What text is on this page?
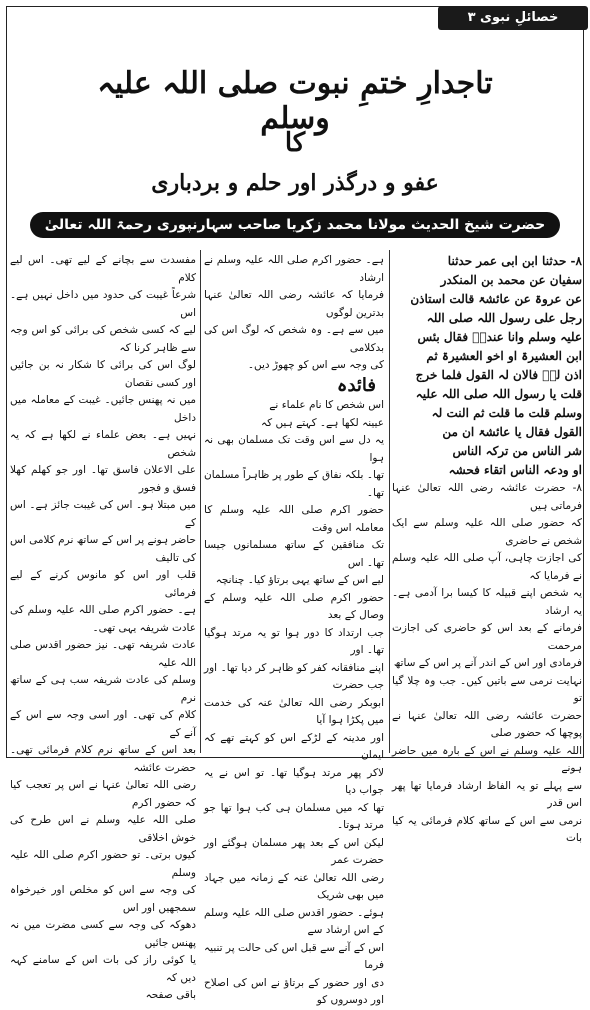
خصائلِ نبوی ۳
تاجدارِ ختمِ نبوت صلی اللہ علیہ وسلم
کا
عفو و درگذر اور حلم و بردباری
حضرت شیخ الحدیث مولانا محمد زکریا صاحب سہارنپوری رحمۃ اللہ تعالیٰ
۸- حدثنا ابن ابی عمر حدثنا
سفیان عن محمد بن المنکدر
عن عروۃ عن عائشۃ قالت استاذن
رجل علی رسول اللہ صلی اللہ
علیہ وسلم وانا عندہٗ فقال بئس
ابن العشیرۃ او اخو العشیرۃ ثم
اذن لہٗ فالان لہ القول فلما خرج
قلت یا رسول اللہ صلی اللہ علیہ
وسلم قلت ما قلت ثم النت لہ
القول فقال یا عائشۃ ان من
شر الناس من ترکہ الناس
او ودعہ الناس اتقاء فحشہ
۸- حضرت عائشہ رضی اللہ تعالیٰ عنہا فرماتی ہیں
کہ حضور صلی اللہ علیہ وسلم سے ایک شخص نے حاضری
کی اجازت چاہی، آپ صلی اللہ علیہ وسلم نے فرمایا کہ
یہ شخص اپنے قبیلہ کا کیسا برا آدمی ہے۔ یہ ارشاد
فرمانے کے بعد اس کو حاضری کی اجازت مرحمت
فرمادی اور اس کے اندر آنے پر اس کے ساتھ
نہایت نرمی سے باتیں کیں۔ جب وہ چلا گیا تو
حضرت عائشہ رضی اللہ تعالیٰ عنہا نے پوچھا کہ حضور صلی
اللہ علیہ وسلم نے اس کے بارہ میں حاضر ہونے
سے پہلے تو یہ الفاظ ارشاد فرمایا تھا پھر اس قدر
نرمی سے اس کے ساتھ کلام فرمائی یہ کیا بات
ہے۔ حضور اکرم صلی اللہ علیہ وسلم نے ارشاد
فرمایا کہ عائشہ رضی اللہ تعالیٰ عنہا بدترین لوگوں
میں سے ہے۔ وہ شخص کہ لوگ اس کی بدکلامی
کی وجہ سے اس کو چھوڑ دیں۔
فائدہ
اس شخص کا نام علماء نے
عیینہ لکھا ہے۔ کہتے ہیں کہ
یہ دل سے اس وقت تک مسلمان بھی نہ ہوا
تھا۔ بلکہ نفاق کے طور پر ظاہراً مسلمان تھا۔
حضور اکرم صلی اللہ علیہ وسلم کا معاملہ اس وقت
تک منافقین کے ساتھ مسلمانوں جیسا تھا۔ اس
لیے اس کے ساتھ یہی برتاؤ کیا۔ چنانچہ
حضور اکرم صلی اللہ علیہ وسلم کے وصال کے بعد
جب ارتداد کا دور ہوا تو یہ مرتد ہوگیا تھا۔ اور
اپنے منافقانہ کفر کو ظاہر کر دیا تھا۔ اور جب حضرت
ابوبکر رضی اللہ تعالیٰ عنہ کی خدمت میں پکڑا ہوا آیا
اور مدینہ کے لڑکے اس کو کہتے تھے کہ ایمان
لاکر پھر مرتد ہوگیا تھا۔ تو اس نے یہ جواب دیا
تھا کہ میں مسلمان ہی کب ہوا تھا جو مرتد ہوتا۔
لیکن اس کے بعد پھر مسلمان ہوگئے اور حضرت عمر
رضی اللہ تعالیٰ عنہ کے زمانہ میں جہاد میں بھی شریک
ہوئے۔ حضور اقدس صلی اللہ علیہ وسلم کے اس ارشاد سے
اس کے آنے سے قبل اس کی حالت پر تنبیہ فرما
دی اور حضور کے برتاؤ نے اس کی اصلاح اور دوسروں کو
مفسدت سے بچانے کے لیے تھی۔ اس لیے کلام
شرعاً غیبت کی حدود میں داخل نہیں ہے۔ اس
لیے کہ کسی شخص کی برائی کو اس وجہ سے ظاہر کرنا کہ
لوگ اس کی برائی کا شکار نہ بن جائیں اور کسی نقصان
میں نہ پھنس جائیں۔ غیبت کے معاملہ میں داخل
نہیں ہے۔ بعض علماء نے لکھا ہے کہ یہ شخص
علی الاعلان فاسق تھا۔ اور جو کھلم کھلا فسق و فجور
میں مبتلا ہو۔ اس کی غیبت جائز ہے۔ اس کے
حاضر ہونے پر اس کے ساتھ نرم کلامی اس کی تالیف
قلب اور اس کو مانوس کرنے کے لیے فرمائی
ہے۔ حضور اکرم صلی اللہ علیہ وسلم کی عادت شریفہ یہی تھی۔
عادت شریفہ تھی۔ نیز حضور اقدس صلی اللہ علیہ
وسلم کی عادت شریفہ سب ہی کے ساتھ نرم
کلام کی تھی۔ اور اسی وجہ سے اس کے آنے کے
بعد اس کے ساتھ نرم کلام فرمائی تھی۔ حضرت عائشہ
رضی اللہ تعالیٰ عنہا نے اس پر تعجب کیا کہ حضور اکرم
صلی اللہ علیہ وسلم نے اس طرح کی خوش اخلاقی
کیوں برتی۔ تو حضور اکرم صلی اللہ علیہ وسلم
کی وجہ سے اس کو مخلص اور خیرخواہ سمجھیں اور اس
دھوکہ کی وجہ سے کسی مضرت میں نہ پھنس جائیں
یا کوئی راز کی بات اس کے سامنے کہہ دیں کہ
باقی صفحہ
